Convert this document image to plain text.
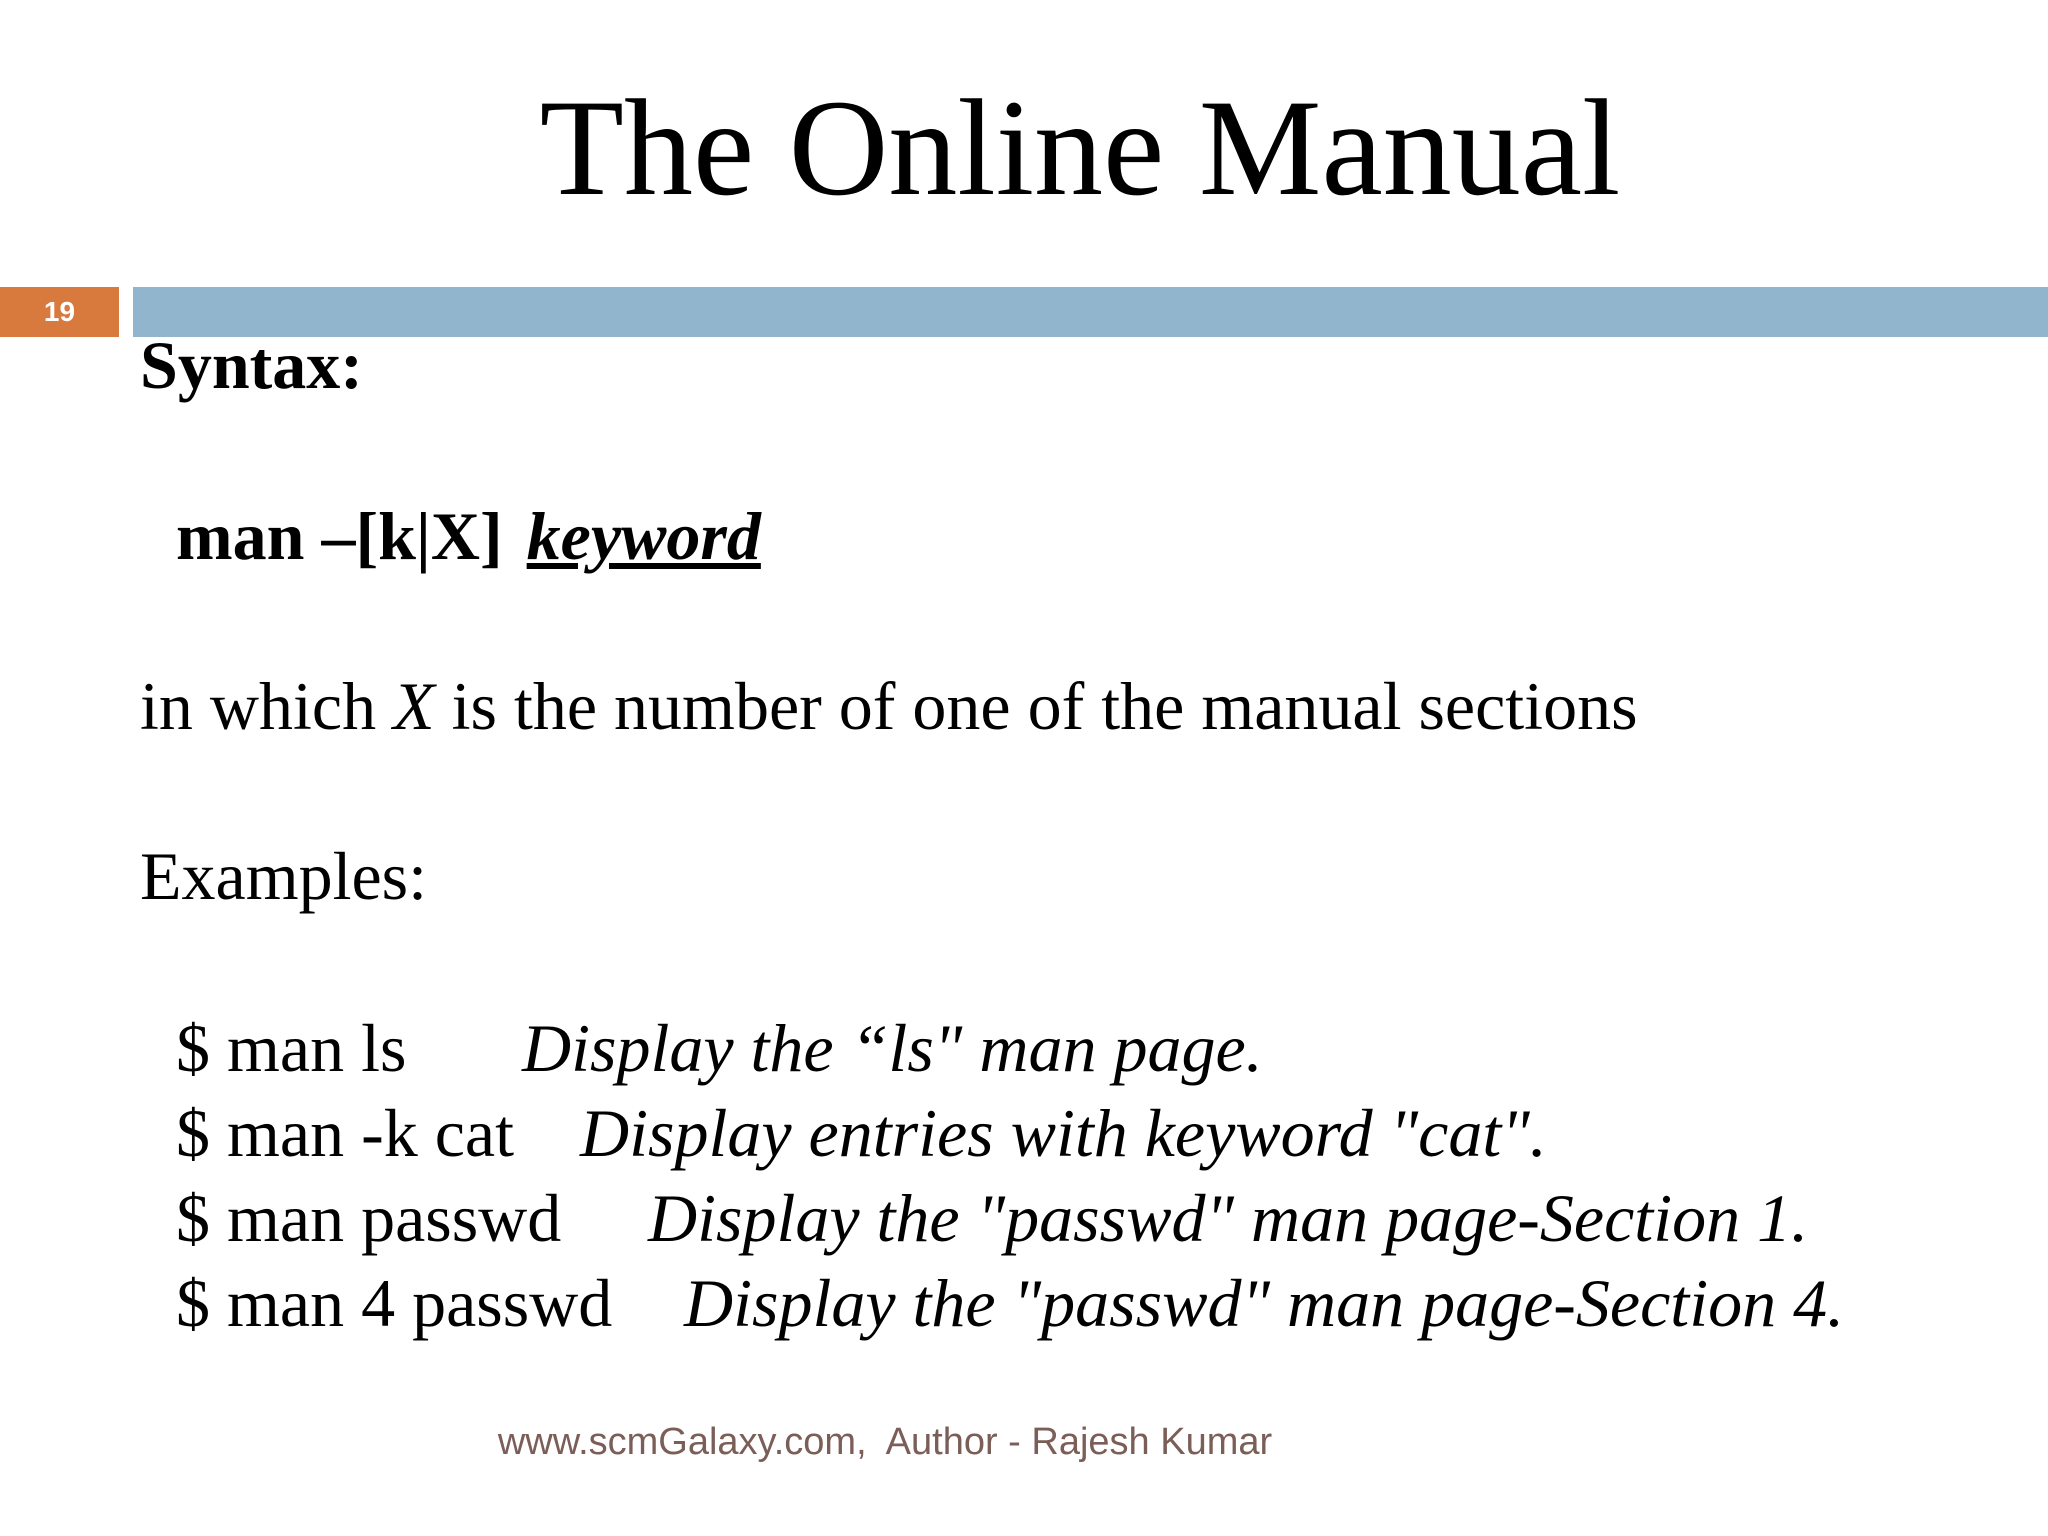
The Online Manual
19
Syntax:
man –[k|X] keyword
in which X is the number of one of the manual sections
Examples:
$ man ls Display the “ls" man page.
$ man -k cat Display entries with keyword "cat".
$ man passwd Display the "passwd" man page-Section 1.
$ man 4 passwd Display the "passwd" man page-Section 4.
www.scmGalaxy.com,  Author - Rajesh Kumar
